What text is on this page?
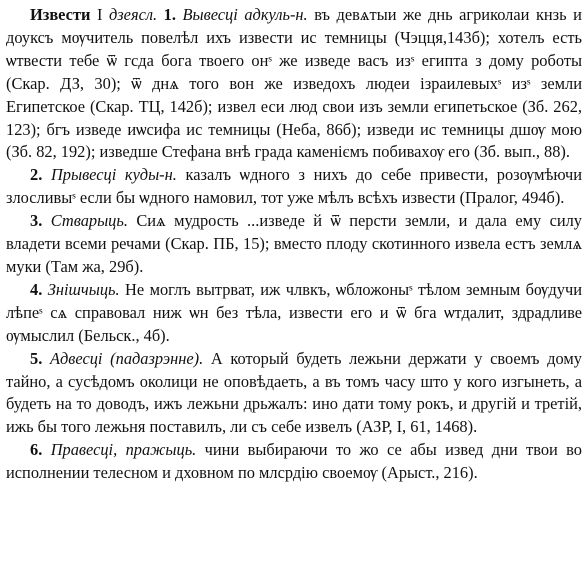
Извести I дзеясл. 1. Вывесці адкуль-н. въ девѧтыи же днь агриколаи кнзь и доуксъ мѹчитель повелѣл ихъ извести ис темницы (Чэцця,143б); хотелъ есть ѡтвести тебе ѿ гсда бога твоего онˢ же изведе васъ изˢ египта з дому роботы (Скар. ДЗ, 30); ѿ днѧ того вон же изведохъ людеи ізраилевыхˢ изˢ земли Египетское (Скар. ТЦ, 142б); извел еси люд свои изъ земли египетьское (Зб. 262, 123); бгъ изведе иѡсифа ис темницы (Неба, 86б); изведи ис темницы дшѹ мою (Зб. 82, 192); изведше Стефана внѣ града каменіємъ побивахѹ его (Зб. вып., 88).

2. Прывесці куды-н. казалъ ѡдного з нихъ до себе привести, розѹмѣючи злосливыˢ если бы ѡдного намовил, тот уже мѣлъ всѣхъ извести (Пралог, 494б).

3. Стварыць. Сиѧ мудрость ...изведе й ѿ персти земли, и дала ему силу владети всеми речами (Скар. ПБ, 15); вместо плоду скотинного извела естъ землѧ муки (Там жа, 29б).

4. Знішчыць. Не моглъ вытрват, иж члвкъ, ѡбложоныˢ тѣлом земным бѹдучи лѣпеˢ сѧ справовал ниж ѡн без тѣла, извести его и ѿ бга ѡтдалит, здрадливе ѹмыслил (Бельск., 4б).

5. Адвесці (падазрэнне). А который будеть лежьни держати у своемъ дому тайно, а сусѣдомъ околици не оповѣдаеть, а въ томъ часу што у кого изгынеть, а будеть на то доводъ, ижъ лежьни дрьжалъ: ино дати тому рокъ, и другій и третій, ижь бы того лежьня поставилъ, ли съ себе извелъ (АЗР, I, 61, 1468).

6. Правесці, пражыць. чини выбираючи то жо се абы извед дни твои во исполнении телесном и дховном по млсрдію своемѹ (Арыст., 216).
